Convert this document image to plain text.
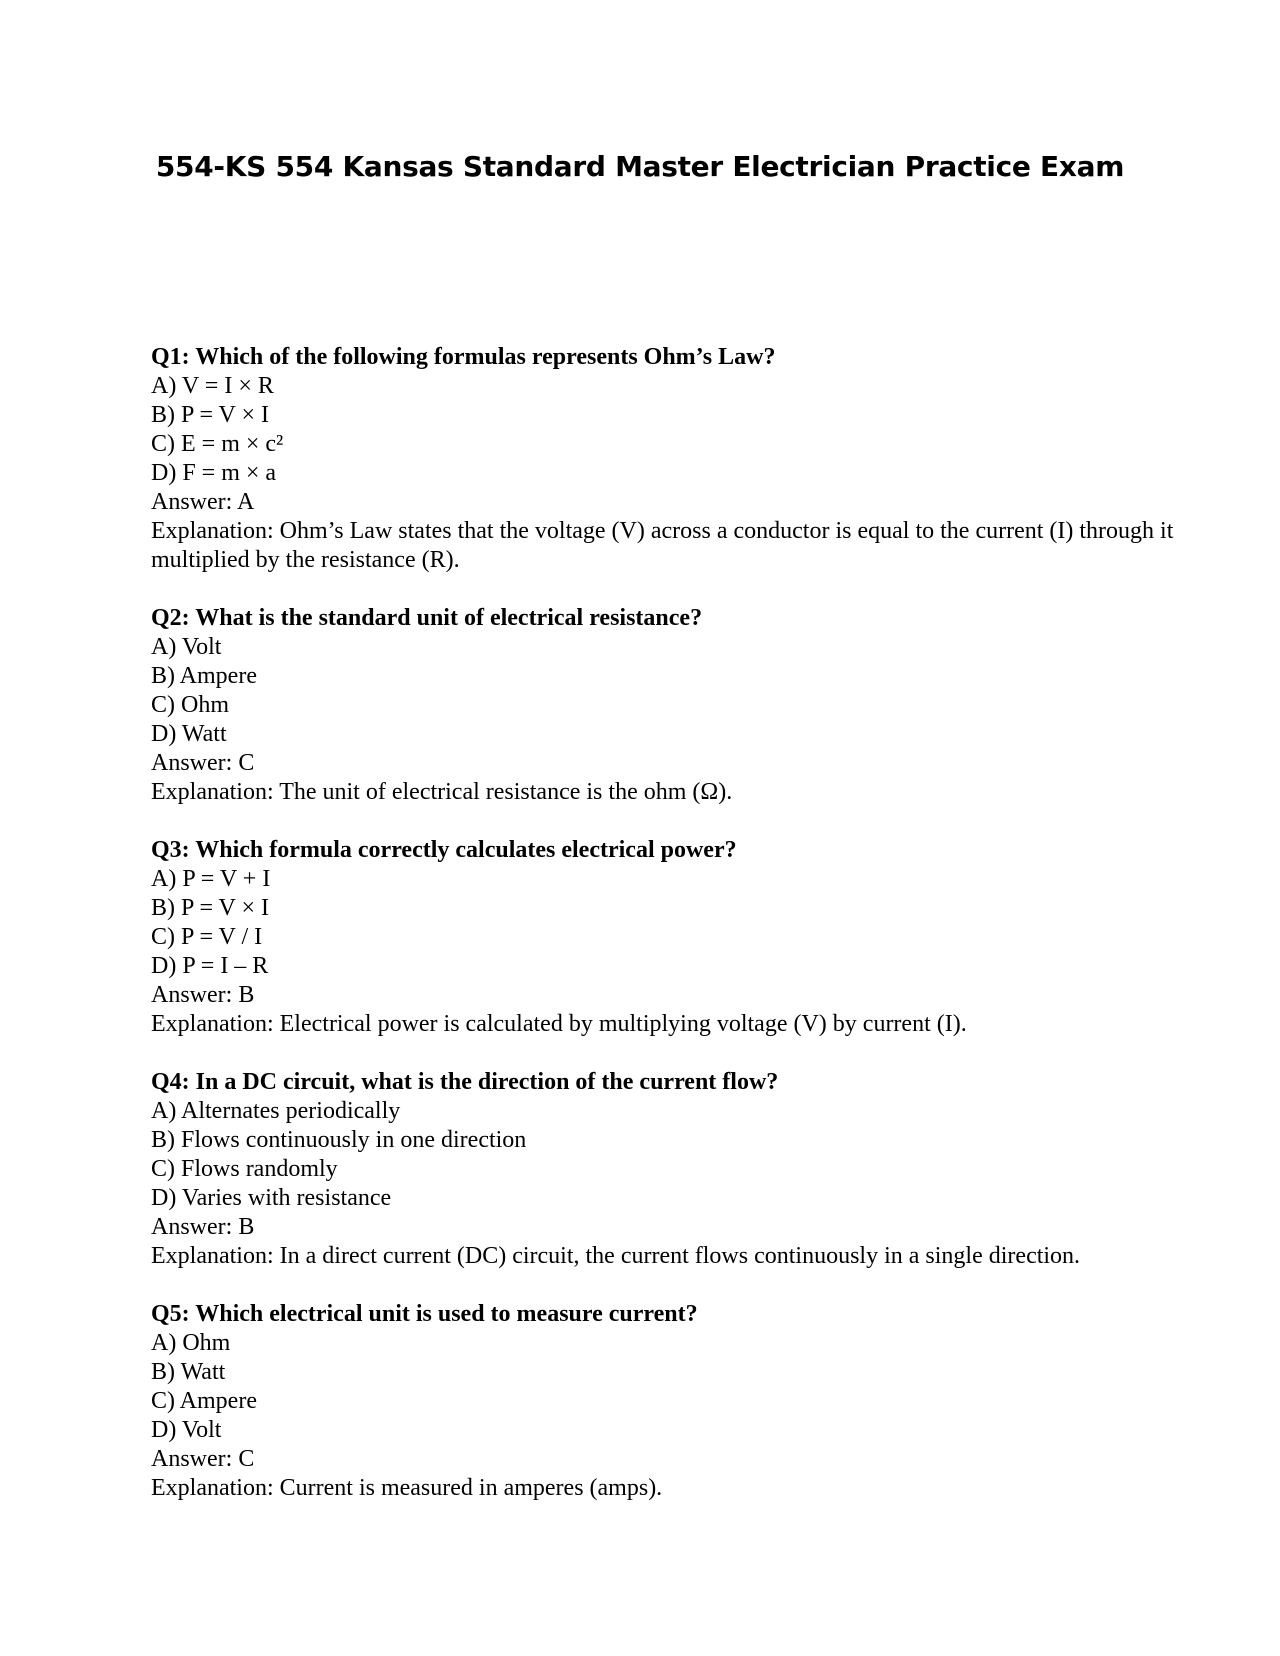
554-KS 554 Kansas Standard Master Electrician Practice Exam

Q1: Which of the following formulas represents Ohm’s Law?

A) V = I × R

B) P = V × I

C) E = m × c²

D) F = m × a

Answer: A

Explanation: Ohm’s Law states that the voltage (V) across a conductor is equal to the current (I) through it multiplied by the resistance (R).

Q2: What is the standard unit of electrical resistance?

A) Volt

B) Ampere

C) Ohm

D) Watt

Answer: C

Explanation: The unit of electrical resistance is the ohm (Ω).

Q3: Which formula correctly calculates electrical power?

A) P = V + I

B) P = V × I

C) P = V / I

D) P = I – R

Answer: B

Explanation: Electrical power is calculated by multiplying voltage (V) by current (I).

Q4: In a DC circuit, what is the direction of the current flow?

A) Alternates periodically

B) Flows continuously in one direction

C) Flows randomly

D) Varies with resistance

Answer: B

Explanation: In a direct current (DC) circuit, the current flows continuously in a single direction.

Q5: Which electrical unit is used to measure current?

A) Ohm

B) Watt

C) Ampere

D) Volt

Answer: C

Explanation: Current is measured in amperes (amps).
